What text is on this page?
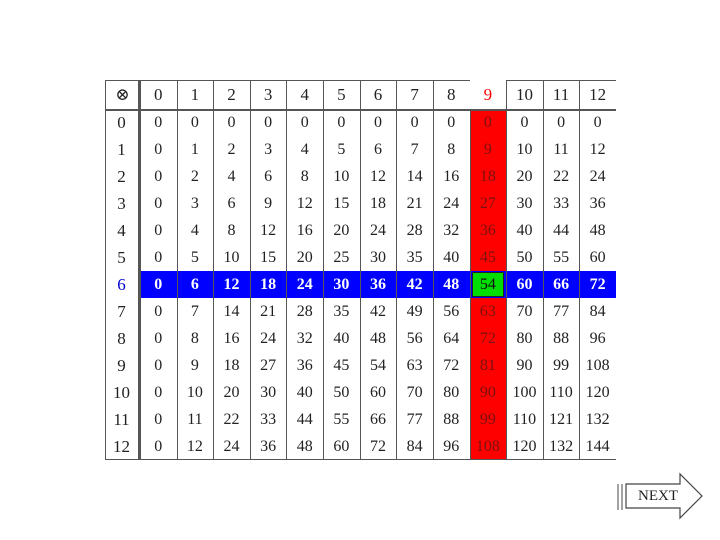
⊗	0	1	2	3	4	5	6	7	8	9	10	11	12
0	0	0	0	0	0	0	0	0	0	0	0	0	0
1	0	1	2	3	4	5	6	7	8	9	10	11	12
2	0	2	4	6	8	10	12	14	16	18	20	22	24
3	0	3	6	9	12	15	18	21	24	27	30	33	36
4	0	4	8	12	16	20	24	28	32	36	40	44	48
5	0	5	10	15	20	25	30	35	40	45	50	55	60
6	0	6	12	18	24	30	36	42	48	54	60	66	72
7	0	7	14	21	28	35	42	49	56	63	70	77	84
8	0	8	16	24	32	40	48	56	64	72	80	88	96
9	0	9	18	27	36	45	54	63	72	81	90	99	108
10	0	10	20	30	40	50	60	70	80	90	100 110 120
11	0	11	22	33	44	55	66	77	88	99	110 121 132
12	0	12	24	36	48	60	72	84	96	108 120 132 144
NEXT
